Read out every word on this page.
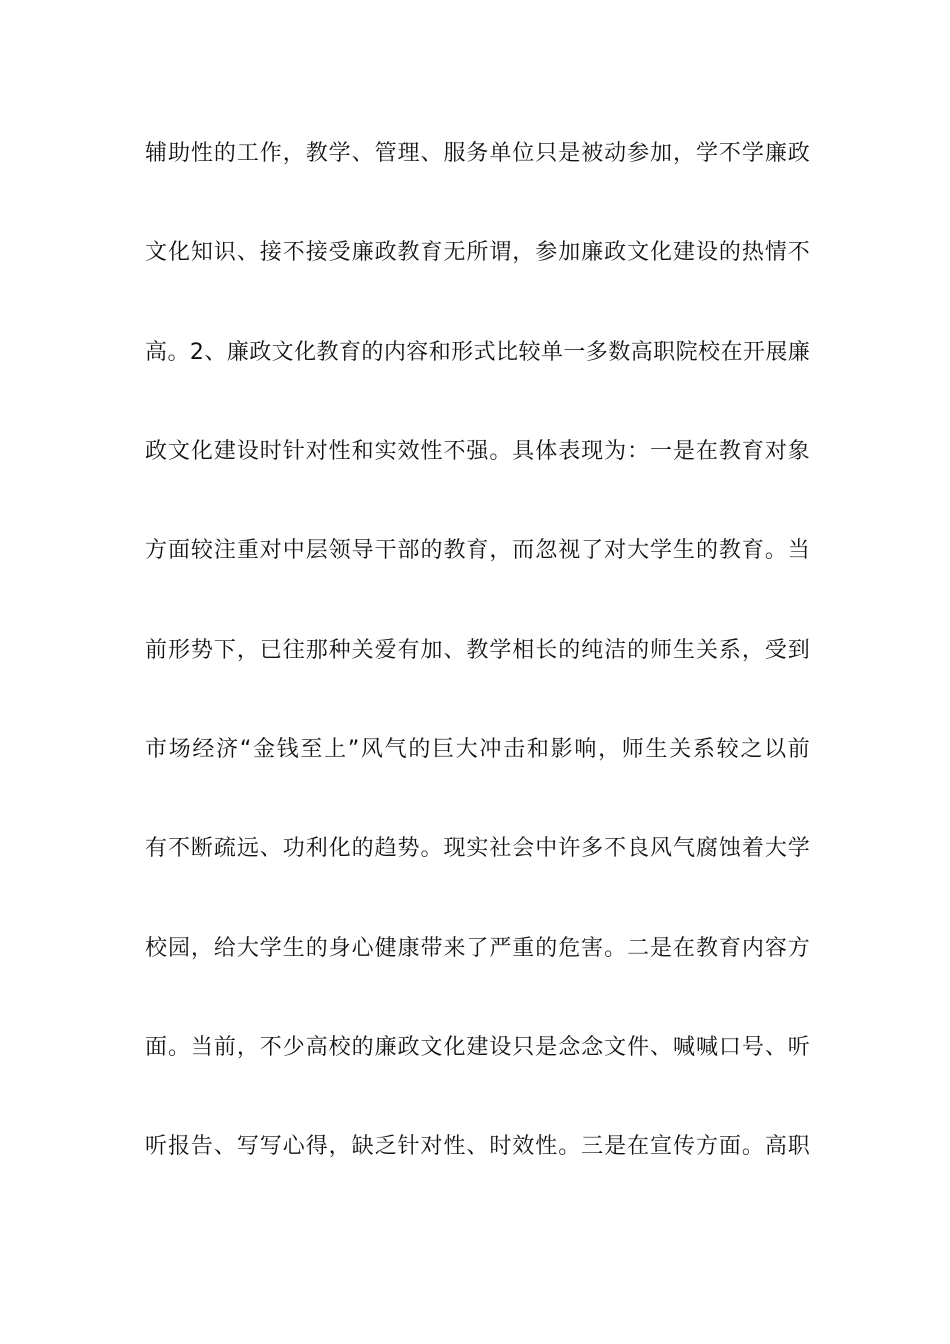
辅助性的工作，教学、管理、服务单位只是被动参加，学不学廉政
文化知识、接不接受廉政教育无所谓，参加廉政文化建设的热情不
高。2、廉政文化教育的内容和形式比较单一多数高职院校在开展廉
政文化建设时针对性和实效性不强。具体表现为：一是在教育对象
方面较注重对中层领导干部的教育，而忽视了对大学生的教育。当
前形势下，已往那种关爱有加、教学相长的纯洁的师生关系，受到
市场经济“金钱至上”风气的巨大冲击和影响，师生关系较之以前
有不断疏远、功利化的趋势。现实社会中许多不良风气腐蚀着大学
校园，给大学生的身心健康带来了严重的危害。二是在教育内容方
面。当前，不少高校的廉政文化建设只是念念文件、喊喊口号、听
听报告、写写心得，缺乏针对性、时效性。三是在宣传方面。高职
